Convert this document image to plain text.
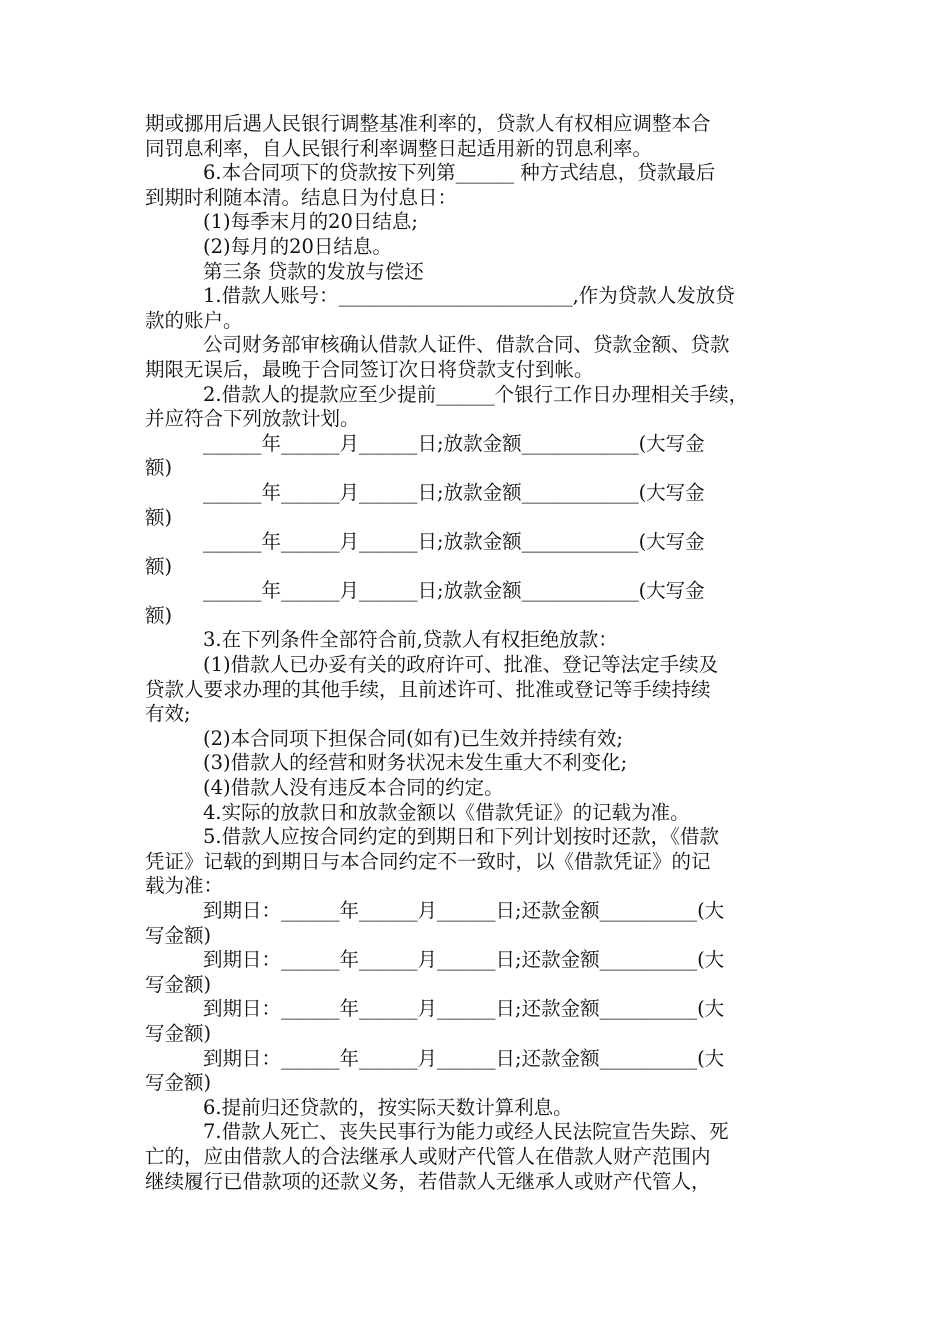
期或挪用后遇人民银行调整基准利率的，贷款人有权相应调整本合
同罚息利率，自人民银行利率调整日起适用新的罚息利率。
6.本合同项下的贷款按下列第______ 种方式结息，贷款最后
到期时利随本清。结息日为付息日：
(1)每季末月的20日结息;
(2)每月的20日结息。
第三条 贷款的发放与偿还
1.借款人账号：________________________,作为贷款人发放贷
款的账户。
公司财务部审核确认借款人证件、借款合同、贷款金额、贷款
期限无误后，最晚于合同签订次日将贷款支付到帐。
2.借款人的提款应至少提前______个银行工作日办理相关手续，
并应符合下列放款计划。
______年______月______日;放款金额____________(大写金
额)
______年______月______日;放款金额____________(大写金
额)
______年______月______日;放款金额____________(大写金
额)
______年______月______日;放款金额____________(大写金
额)
3.在下列条件全部符合前,贷款人有权拒绝放款：
(1)借款人已办妥有关的政府许可、批准、登记等法定手续及
贷款人要求办理的其他手续，且前述许可、批准或登记等手续持续
有效;
(2)本合同项下担保合同(如有)已生效并持续有效;
(3)借款人的经营和财务状况未发生重大不利变化;
(4)借款人没有违反本合同的约定。
4.实际的放款日和放款金额以《借款凭证》的记载为准。
5.借款人应按合同约定的到期日和下列计划按时还款，《借款
凭证》记载的到期日与本合同约定不一致时，以《借款凭证》的记
载为准：
到期日：______年______月______日;还款金额__________(大
写金额)
到期日：______年______月______日;还款金额__________(大
写金额)
到期日：______年______月______日;还款金额__________(大
写金额)
到期日：______年______月______日;还款金额__________(大
写金额)
6.提前归还贷款的，按实际天数计算利息。
7.借款人死亡、丧失民事行为能力或经人民法院宣告失踪、死
亡的，应由借款人的合法继承人或财产代管人在借款人财产范围内
继续履行已借款项的还款义务，若借款人无继承人或财产代管人，
